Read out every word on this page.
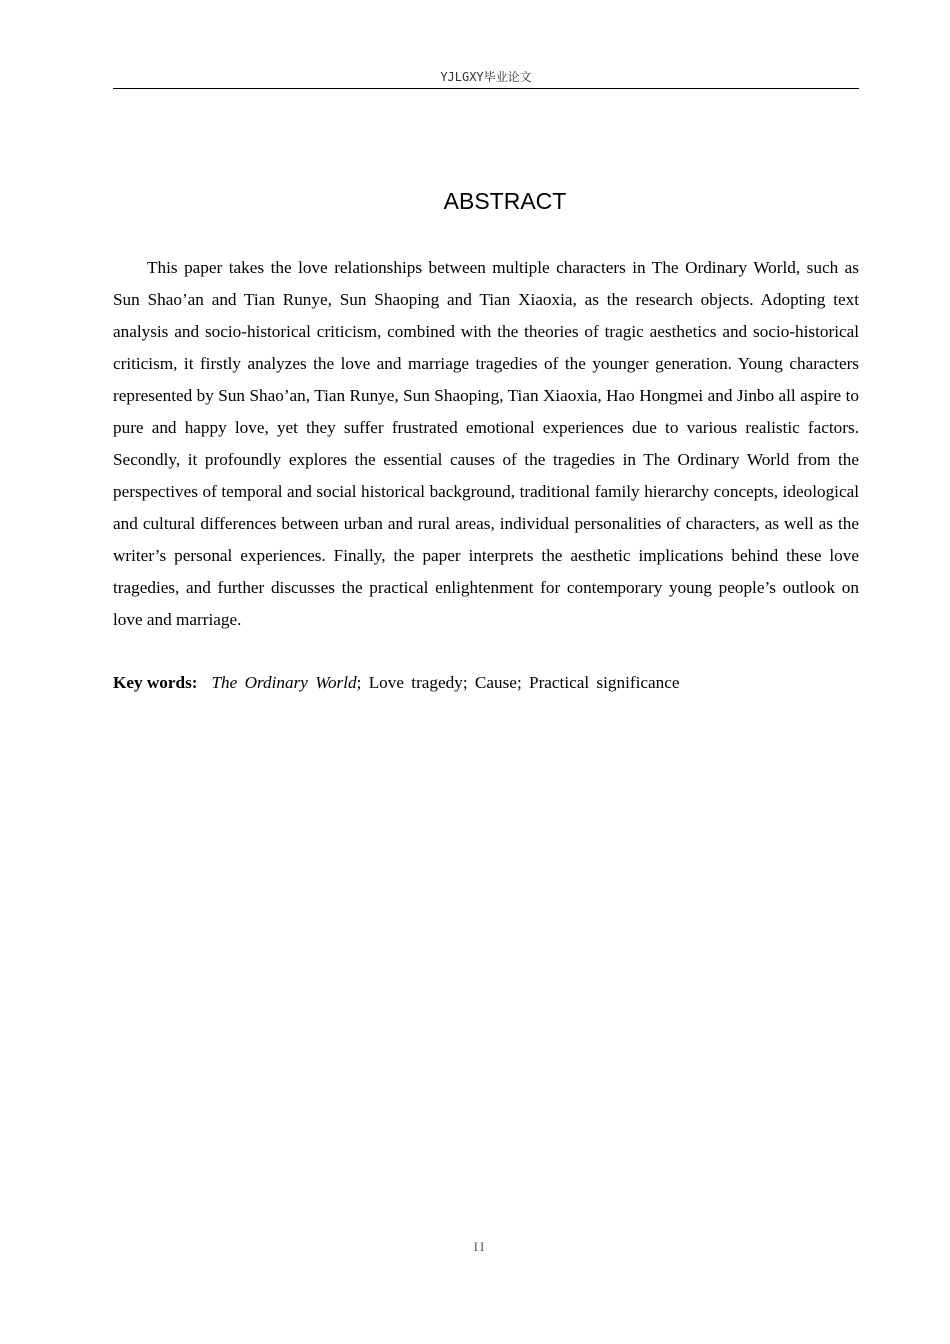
YJLGXY毕业论文
ABSTRACT

This paper takes the love relationships between multiple characters in The Ordinary World, such as Sun Shao’an and Tian Runye, Sun Shaoping and Tian Xiaoxia, as the research objects. Adopting text analysis and socio-historical criticism, combined with the theories of tragic aesthetics and socio-historical criticism, it firstly analyzes the love and marriage tragedies of the younger generation. Young characters represented by Sun Shao’an, Tian Runye, Sun Shaoping, Tian Xiaoxia, Hao Hongmei and Jinbo all aspire to pure and happy love, yet they suffer frustrated emotional experiences due to various realistic factors. Secondly, it profoundly explores the essential causes of the tragedies in The Ordinary World from the perspectives of temporal and social historical background, traditional family hierarchy concepts, ideological and cultural differences between urban and rural areas, individual personalities of characters, as well as the writer’s personal experiences. Finally, the paper interprets the aesthetic implications behind these love tragedies, and further discusses the practical enlightenment for contemporary young people’s outlook on love and marriage.

Key words: The Ordinary World; Love tragedy; Cause; Practical significance

II
